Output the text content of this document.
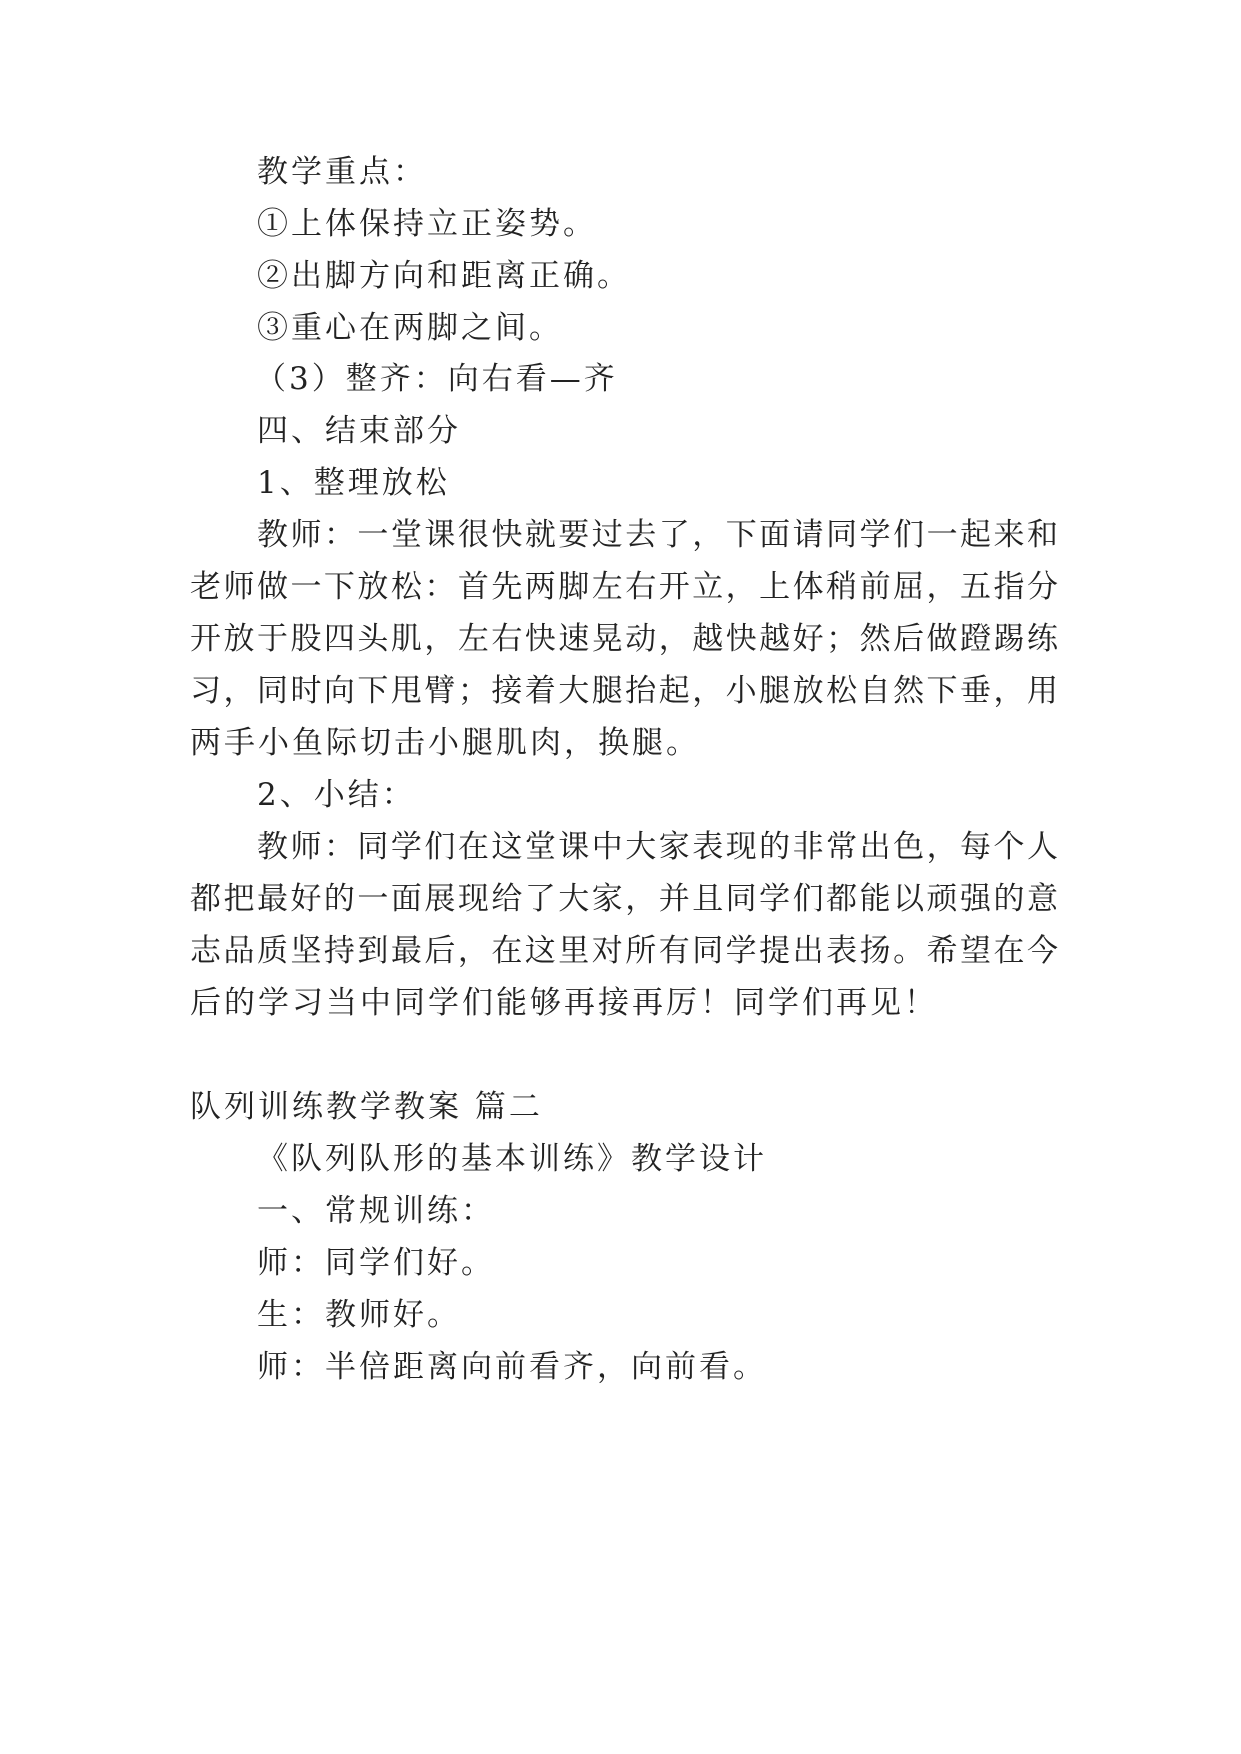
教学重点：
①上体保持立正姿势。
②出脚方向和距离正确。
③重心在两脚之间。
（3）整齐：向右看—齐
四、结束部分
1、整理放松
教师：一堂课很快就要过去了，下面请同学们一起来和
老师做一下放松：首先两脚左右开立，上体稍前屈，五指分
开放于股四头肌，左右快速晃动，越快越好；然后做蹬踢练
习，同时向下甩臂；接着大腿抬起，小腿放松自然下垂，用
两手小鱼际切击小腿肌肉，换腿。
2、小结：
教师：同学们在这堂课中大家表现的非常出色，每个人
都把最好的一面展现给了大家，并且同学们都能以顽强的意
志品质坚持到最后，在这里对所有同学提出表扬。希望在今
后的学习当中同学们能够再接再厉！同学们再见！
队列训练教学教案 篇二
《队列队形的基本训练》教学设计
一、常规训练：
师：同学们好。
生：教师好。
师：半倍距离向前看齐，向前看。
